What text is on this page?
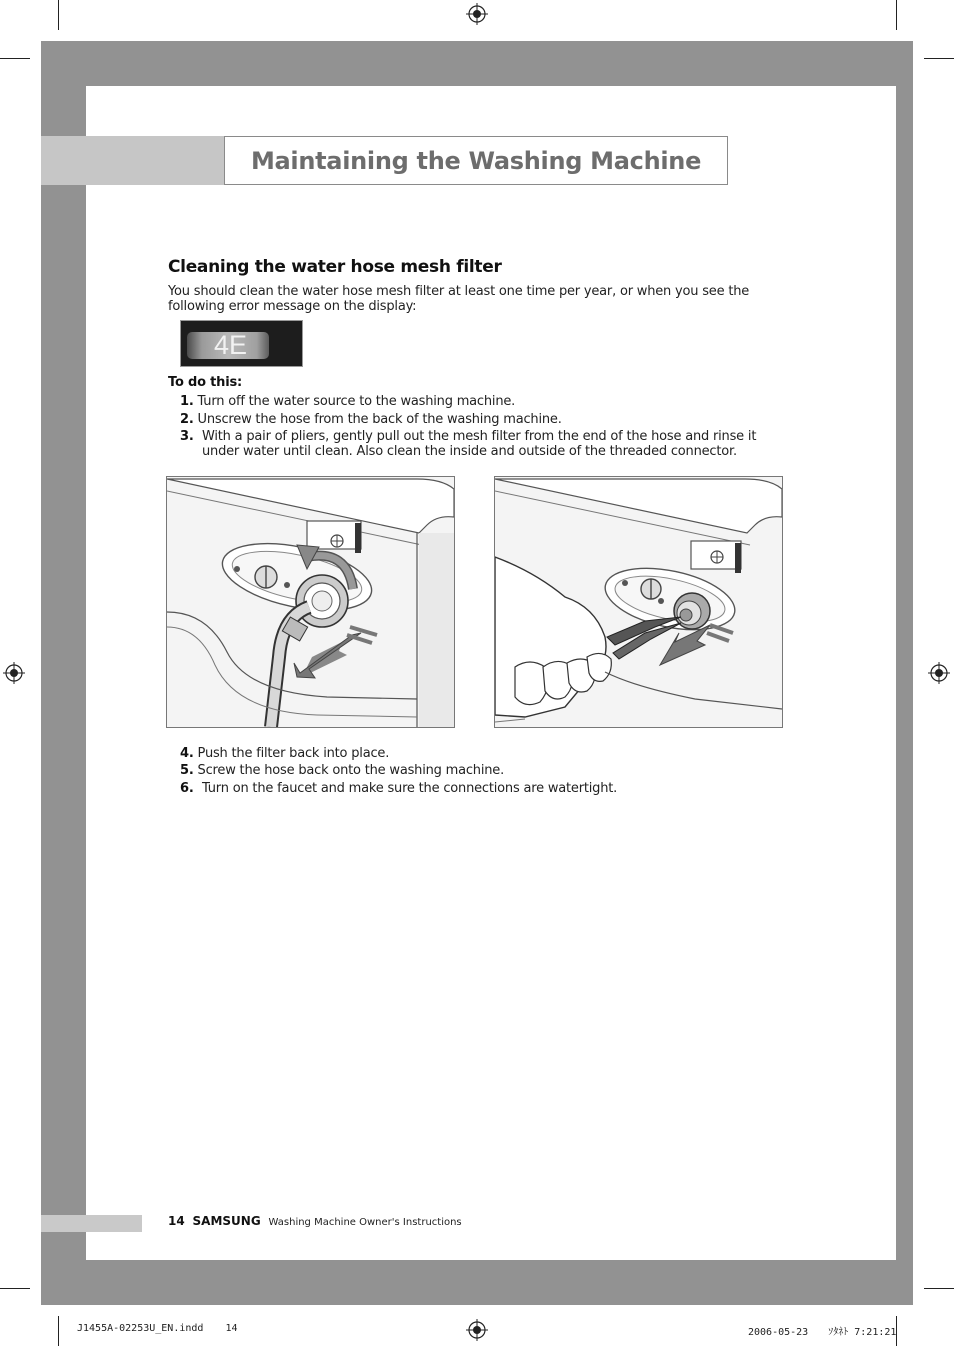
Maintaining the Washing Machine
Cleaning the water hose mesh filter
You should clean the water hose mesh filter at least one time per year, or when you see the following error message on the display:
4E
To do this:
1. Turn off the water source to the washing machine.
2. Unscrew the hose from the back of the washing machine.
3. With a pair of pliers, gently pull out the mesh filter from the end of the hose and rinse it under water until clean. Also clean the inside and outside of the threaded connector.
4. Push the filter back into place.
5. Screw the hose back onto the washing machine.
6. Turn on the faucet and make sure the connections are watertight.
14 SAMSUNG Washing Machine Owner's Instructions
J1455A-02253U_EN.indd 14	2006-05-23 ｿﾀﾈﾄ 7:21:21
